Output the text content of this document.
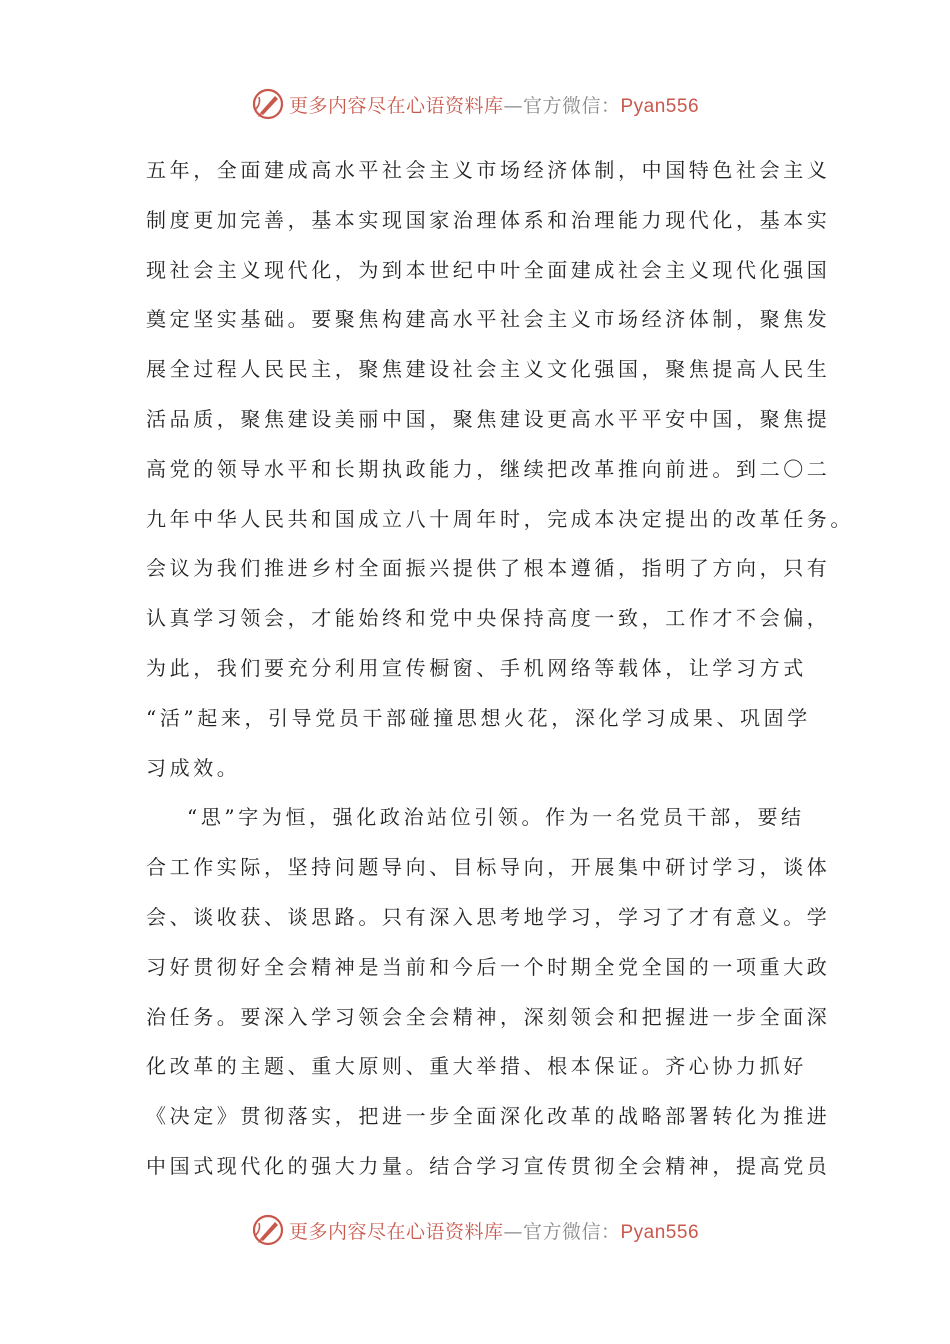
更多内容尽在心语资料库—官方微信：Pyan556
五年，全面建成高水平社会主义市场经济体制，中国特色社会主义
制度更加完善，基本实现国家治理体系和治理能力现代化，基本实
现社会主义现代化，为到本世纪中叶全面建成社会主义现代化强国
奠定坚实基础。要聚焦构建高水平社会主义市场经济体制，聚焦发
展全过程人民民主，聚焦建设社会主义文化强国，聚焦提高人民生
活品质，聚焦建设美丽中国，聚焦建设更高水平平安中国，聚焦提
高党的领导水平和长期执政能力，继续把改革推向前进。到二〇二
九年中华人民共和国成立八十周年时，完成本决定提出的改革任务。
会议为我们推进乡村全面振兴提供了根本遵循，指明了方向，只有
认真学习领会，才能始终和党中央保持高度一致，工作才不会偏，
为此，我们要充分利用宣传橱窗、手机网络等载体，让学习方式
“活”起来，引导党员干部碰撞思想火花，深化学习成果、巩固学
习成效。
“思”字为恒，强化政治站位引领。作为一名党员干部，要结
合工作实际，坚持问题导向、目标导向，开展集中研讨学习，谈体
会、谈收获、谈思路。只有深入思考地学习，学习了才有意义。学
习好贯彻好全会精神是当前和今后一个时期全党全国的一项重大政
治任务。要深入学习领会全会精神，深刻领会和把握进一步全面深
化改革的主题、重大原则、重大举措、根本保证。齐心协力抓好
《决定》贯彻落实，把进一步全面深化改革的战略部署转化为推进
中国式现代化的强大力量。结合学习宣传贯彻全会精神，提高党员
更多内容尽在心语资料库—官方微信：Pyan556
